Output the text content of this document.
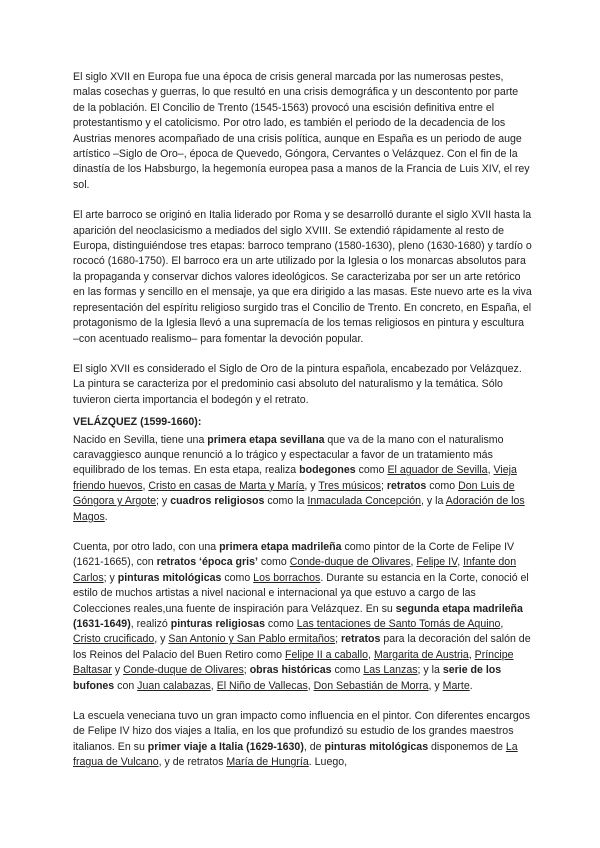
El siglo XVII en Europa fue una época de crisis general marcada por las numerosas pestes, malas cosechas y guerras, lo que resultó en una crisis demográfica y un descontento por parte de la población. El Concilio de Trento (1545-1563) provocó una escisión definitiva entre el protestantismo y el catolicismo. Por otro lado, es también el periodo de la decadencia de los Austrias menores acompañado de una crisis política, aunque en España es un periodo de auge artístico –Siglo de Oro–, época de Quevedo, Góngora, Cervantes o Velázquez. Con el fin de la dinastía de los Habsburgo, la hegemonía europea pasa a manos de la Francia de Luis XIV, el rey sol.

El arte barroco se originó en Italia liderado por Roma y se desarrolló durante el siglo XVII hasta la aparición del neoclasicismo a mediados del siglo XVIII. Se extendió rápidamente al resto de Europa, distinguiéndose tres etapas: barroco temprano (1580-1630), pleno (1630-1680) y tardío o rococó (1680-1750). El barroco era un arte utilizado por la Iglesia o los monarcas absolutos para la propaganda y conservar dichos valores ideológicos. Se caracterizaba por ser un arte retórico en las formas y sencillo en el mensaje, ya que era dirigido a las masas. Este nuevo arte es la viva representación del espíritu religioso surgido tras el Concilio de Trento. En concreto, en España, el protagonismo de la Iglesia llevó a una supremacía de los temas religiosos en pintura y escultura –con acentuado realismo– para fomentar la devoción popular.

El siglo XVII es considerado el Siglo de Oro de la pintura española, encabezado por Velázquez. La pintura se caracteriza por el predominio casi absoluto del naturalismo y la temática. Sólo tuvieron cierta importancia el bodegón y el retrato.

VELÁZQUEZ (1599-1660):

Nacido en Sevilla, tiene una primera etapa sevillana que va de la mano con el naturalismo caravaggiesco aunque renunció a lo trágico y espectacular a favor de un tratamiento más equilibrado de los temas. En esta etapa, realiza bodegones como El aguador de Sevilla, Vieja friendo huevos, Cristo en casas de Marta y María, y Tres músicos; retratos como Don Luis de Góngora y Argote; y cuadros religiosos como la Inmaculada Concepción, y la Adoración de los Magos.

Cuenta, por otro lado, con una primera etapa madrileña como pintor de la Corte de Felipe IV (1621-1665), con retratos ‘época gris’ como Conde-duque de Olivares, Felipe IV, Infante don Carlos; y pinturas mitológicas como Los borrachos. Durante su estancia en la Corte, conoció el estilo de muchos artistas a nivel nacional e internacional ya que estuvo a cargo de las Colecciones reales,una fuente de inspiración para Velázquez. En su segunda etapa madrileña (1631-1649), realizó pinturas religiosas como Las tentaciones de Santo Tomás de Aquino, Cristo crucificado, y San Antonio y San Pablo ermitaños; retratos para la decoración del salón de los Reinos del Palacio del Buen Retiro como Felipe II a caballo, Margarita de Austria, Príncipe Baltasar y Conde-duque de Olivares; obras históricas como Las Lanzas; y la serie de los bufones con Juan calabazas, El Niño de Vallecas, Don Sebastián de Morra, y Marte.

La escuela veneciana tuvo un gran impacto como influencia en el pintor. Con diferentes encargos de Felipe IV hizo dos viajes a Italia, en los que profundizó su estudio de los grandes maestros italianos. En su primer viaje a Italia (1629-1630), de pinturas mitológicas disponemos de La fragua de Vulcano, y de retratos María de Hungría. Luego,
